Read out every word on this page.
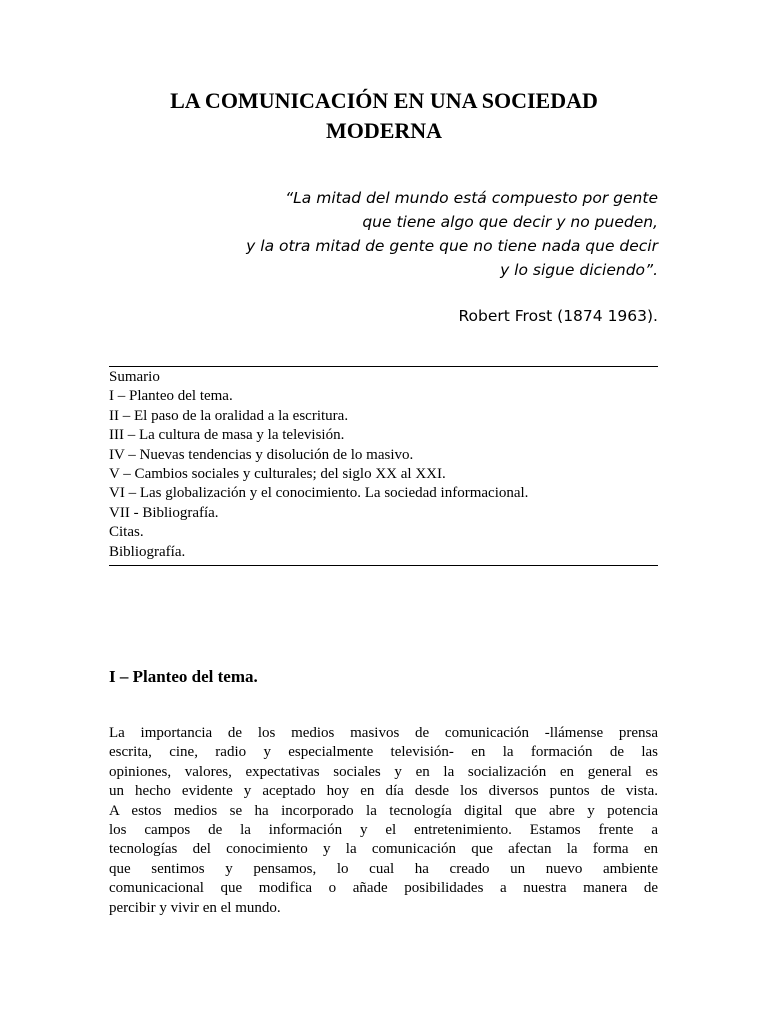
LA COMUNICACIÓN EN UNA SOCIEDAD
MODERNA
“La mitad del mundo está compuesto por gente
que tiene algo que decir y no pueden,
y la otra mitad de gente que no tiene nada que decir
y lo sigue diciendo”.
Robert Frost (1874 1963).
Sumario
I – Planteo del tema.
II – El paso de la oralidad a la escritura.
III – La cultura de masa y la televisión.
IV – Nuevas tendencias y disolución de lo masivo.
V – Cambios sociales y culturales; del siglo XX al XXI.
VI – Las globalización y el conocimiento. La sociedad informacional.
VII - Bibliografía.
Citas.
Bibliografía.
I – Planteo del tema.

La importancia de los medios masivos de comunicación -llámense prensa
escrita, cine, radio y especialmente televisión- en la formación de las
opiniones, valores, expectativas sociales y en la socialización en general es
un hecho evidente y aceptado hoy en día desde los diversos puntos de vista.
A estos medios se ha incorporado la tecnología digital que abre y potencia
los campos de la información y el entretenimiento. Estamos frente a
tecnologías del conocimiento y la comunicación que afectan la forma en
que sentimos y pensamos, lo cual ha creado un nuevo ambiente
comunicacional que modifica o añade posibilidades a nuestra manera de
percibir y vivir en el mundo.
